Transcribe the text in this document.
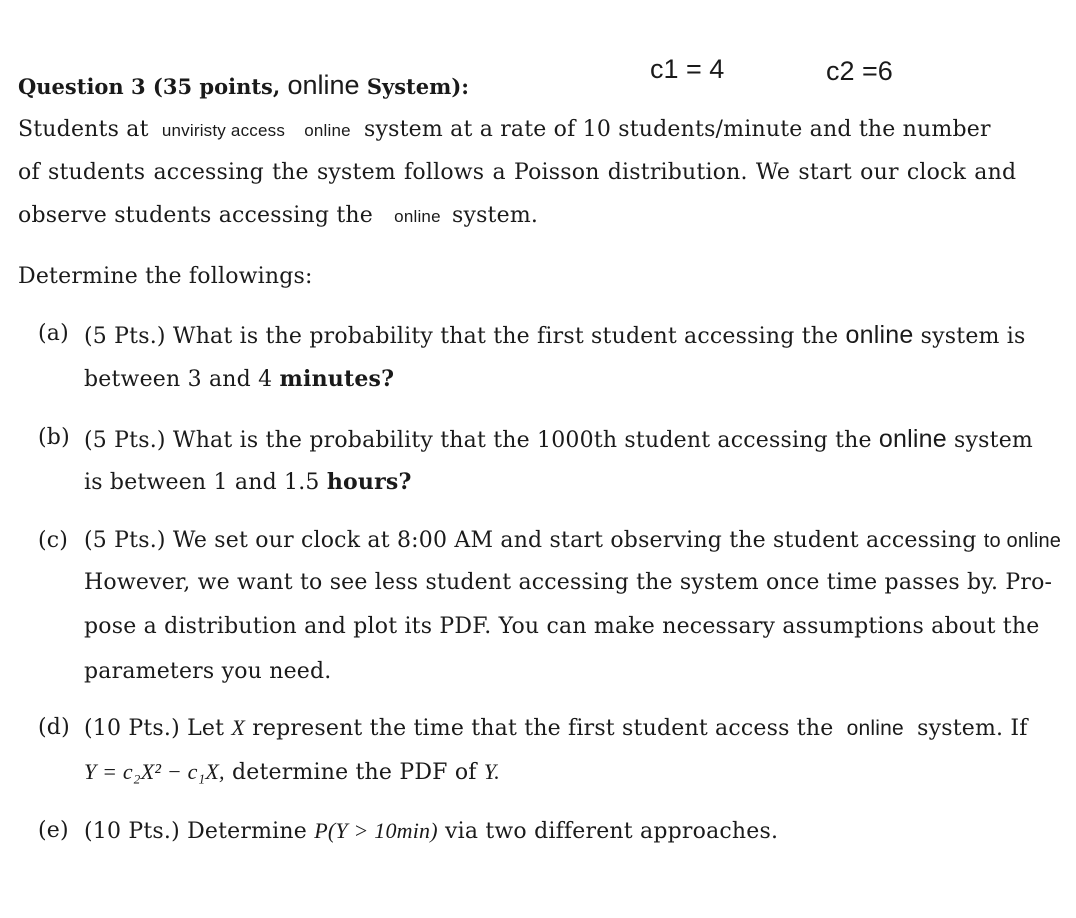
Question 3 (35 points, online System):
c1 = 4	c2 =6
Students at unviristy access online system at a rate of 10 students/minute and the number
of students accessing the system follows a Poisson distribution. We start our clock and
observe students accessing the online system.
Determine the followings:
(a) (5 Pts.) What is the probability that the first student accessing the online system is
between 3 and 4 minutes?
(b) (5 Pts.) What is the probability that the 1000th student accessing the online system
is between 1 and 1.5 hours?
(c) (5 Pts.) We set our clock at 8:00 AM and start observing the student accessing to online
However, we want to see less student accessing the system once time passes by. Pro-
pose a distribution and plot its PDF. You can make necessary assumptions about the
parameters you need.
(d) (10 Pts.) Let X represent the time that the first student access the online system. If
Y = c₂X² − c₁X, determine the PDF of Y.
(e) (10 Pts.) Determine P(Y > 10min) via two different approaches.
